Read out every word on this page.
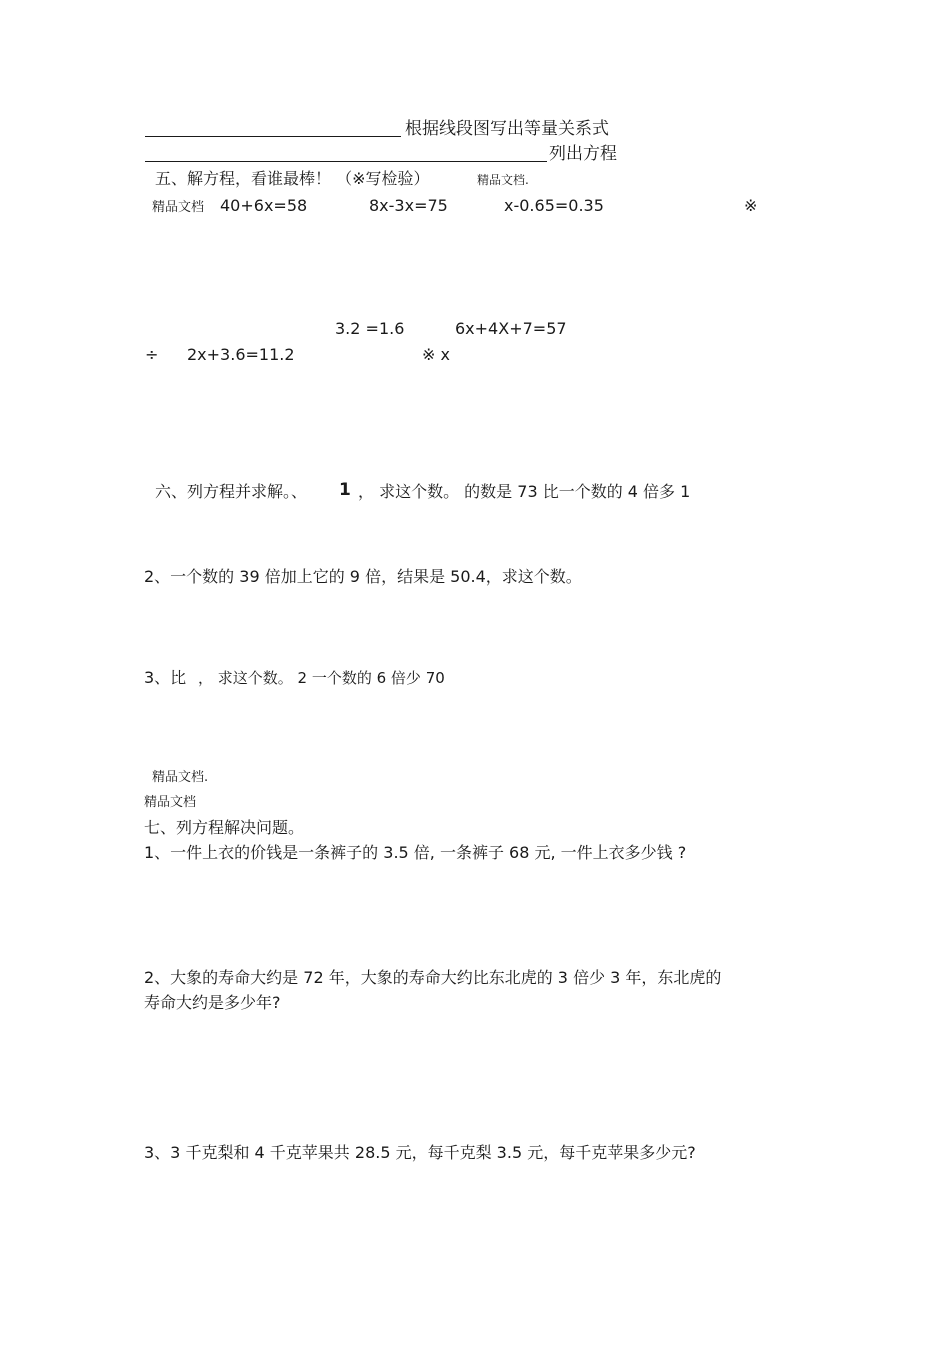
根据线段图写出等量关系式
列出方程
五、解方程，看谁最棒！ （※写检验）	精品文档.
精品文档 40+6x=58	8x-3x=75	x-0.65=0.35	※
3.2 =1.6	6x+4X+7=57
÷ 2x+3.6=11.2	※ x
六、列方程并求解。、 1 ， 求这个数。 的数是 73 比一个数的 4 倍多 1
2、一个数的 39 倍加上它的 9 倍，结果是 50.4，求这个数。
3、比 ， 求这个数。 2 一个数的 6 倍少 70
精品文档.
精品文档
七、列方程解决问题。
1、一件上衣的价钱是一条裤子的 3.5 倍, 一条裤子 68 元, 一件上衣多少钱 ?
2、大象的寿命大约是 72 年，大象的寿命大约比东北虎的 3 倍少 3 年，东北虎的
寿命大约是多少年?
3、3 千克梨和 4 千克苹果共 28.5 元，每千克梨 3.5 元，每千克苹果多少元?
